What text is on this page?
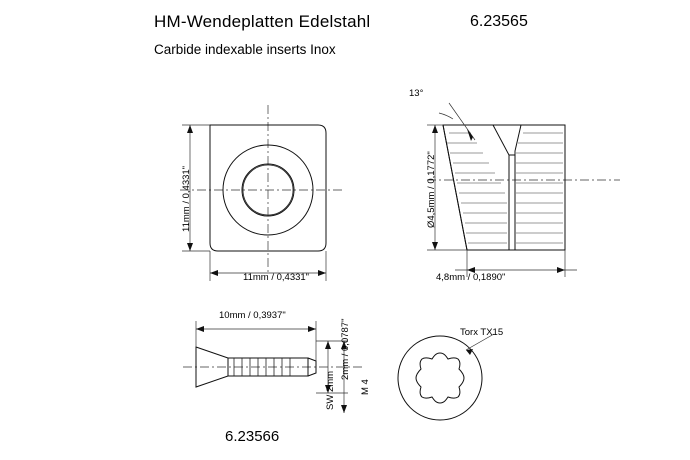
HM-Wendeplatten Edelstahl	6.23565
Carbide indexable inserts Inox
11mm / 0,4331"
11mm / 0,4331"
13°
Ø4,5mm / 0,1772"
4,8mm / 0,1890"
10mm / 0,3937"
2mm / 0,0787"
SW 2mm	M 4
Torx TX15
6.23566
